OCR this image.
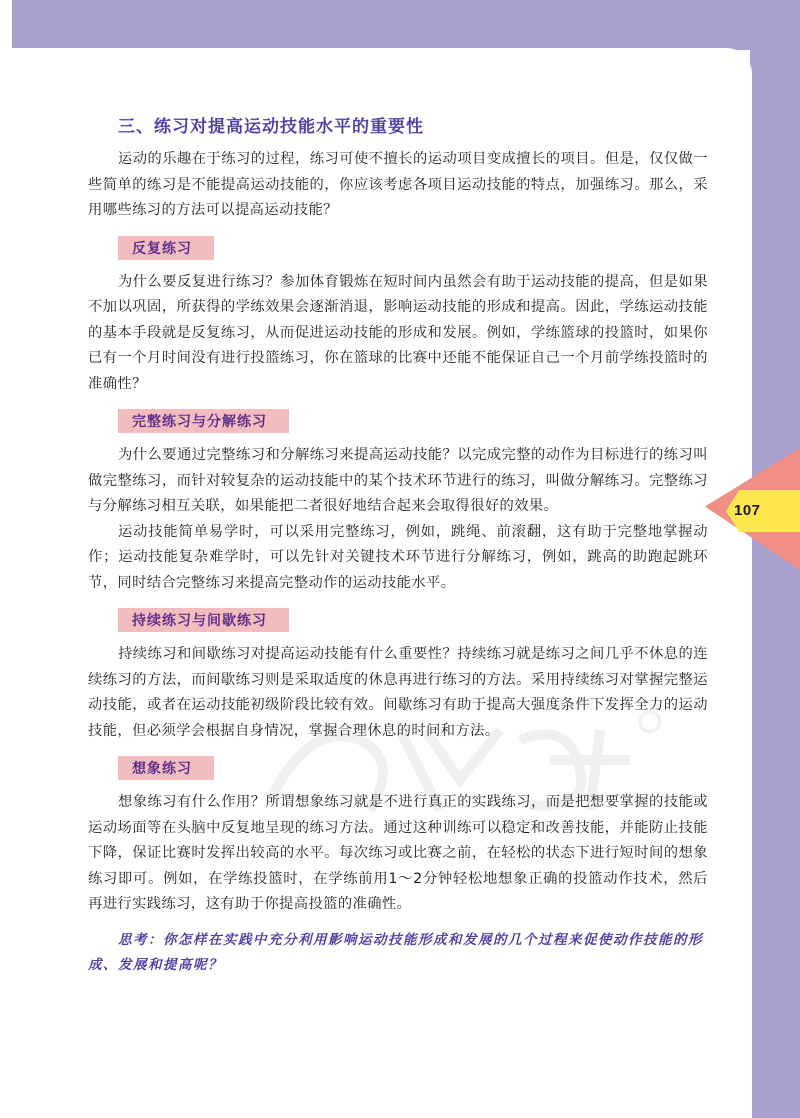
107
三、练习对提高运动技能水平的重要性

运动的乐趣在于练习的过程，练习可使不擅长的运动项目变成擅长的项目。但是，仅仅做一些简单的练习是不能提高运动技能的，你应该考虑各项目运动技能的特点，加强练习。那么，采用哪些练习的方法可以提高运动技能？

反复练习

为什么要反复进行练习？参加体育锻炼在短时间内虽然会有助于运动技能的提高，但是如果不加以巩固，所获得的学练效果会逐渐消退，影响运动技能的形成和提高。因此，学练运动技能的基本手段就是反复练习，从而促进运动技能的形成和发展。例如，学练篮球的投篮时，如果你已有一个月时间没有进行投篮练习，你在篮球的比赛中还能不能保证自己一个月前学练投篮时的准确性？

完整练习与分解练习

为什么要通过完整练习和分解练习来提高运动技能？以完成完整的动作为目标进行的练习叫做完整练习，而针对较复杂的运动技能中的某个技术环节进行的练习，叫做分解练习。完整练习与分解练习相互关联，如果能把二者很好地结合起来会取得很好的效果。

运动技能简单易学时，可以采用完整练习，例如，跳绳、前滚翻，这有助于完整地掌握动作；运动技能复杂难学时，可以先针对关键技术环节进行分解练习，例如，跳高的助跑起跳环节，同时结合完整练习来提高完整动作的运动技能水平。

持续练习与间歇练习

持续练习和间歇练习对提高运动技能有什么重要性？持续练习就是练习之间几乎不休息的连续练习的方法，而间歇练习则是采取适度的休息再进行练习的方法。采用持续练习对掌握完整运动技能，或者在运动技能初级阶段比较有效。间歇练习有助于提高大强度条件下发挥全力的运动技能，但必须学会根据自身情况，掌握合理休息的时间和方法。

想象练习

想象练习有什么作用？所谓想象练习就是不进行真正的实践练习，而是把想要掌握的技能或运动场面等在头脑中反复地呈现的练习方法。通过这种训练可以稳定和改善技能，并能防止技能下降，保证比赛时发挥出较高的水平。每次练习或比赛之前，在轻松的状态下进行短时间的想象练习即可。例如，在学练投篮时，在学练前用1～2分钟轻松地想象正确的投篮动作技术，然后再进行实践练习，这有助于你提高投篮的准确性。

思考：你怎样在实践中充分利用影响运动技能形成和发展的几个过程来促使动作技能的形成、发展和提高呢？
